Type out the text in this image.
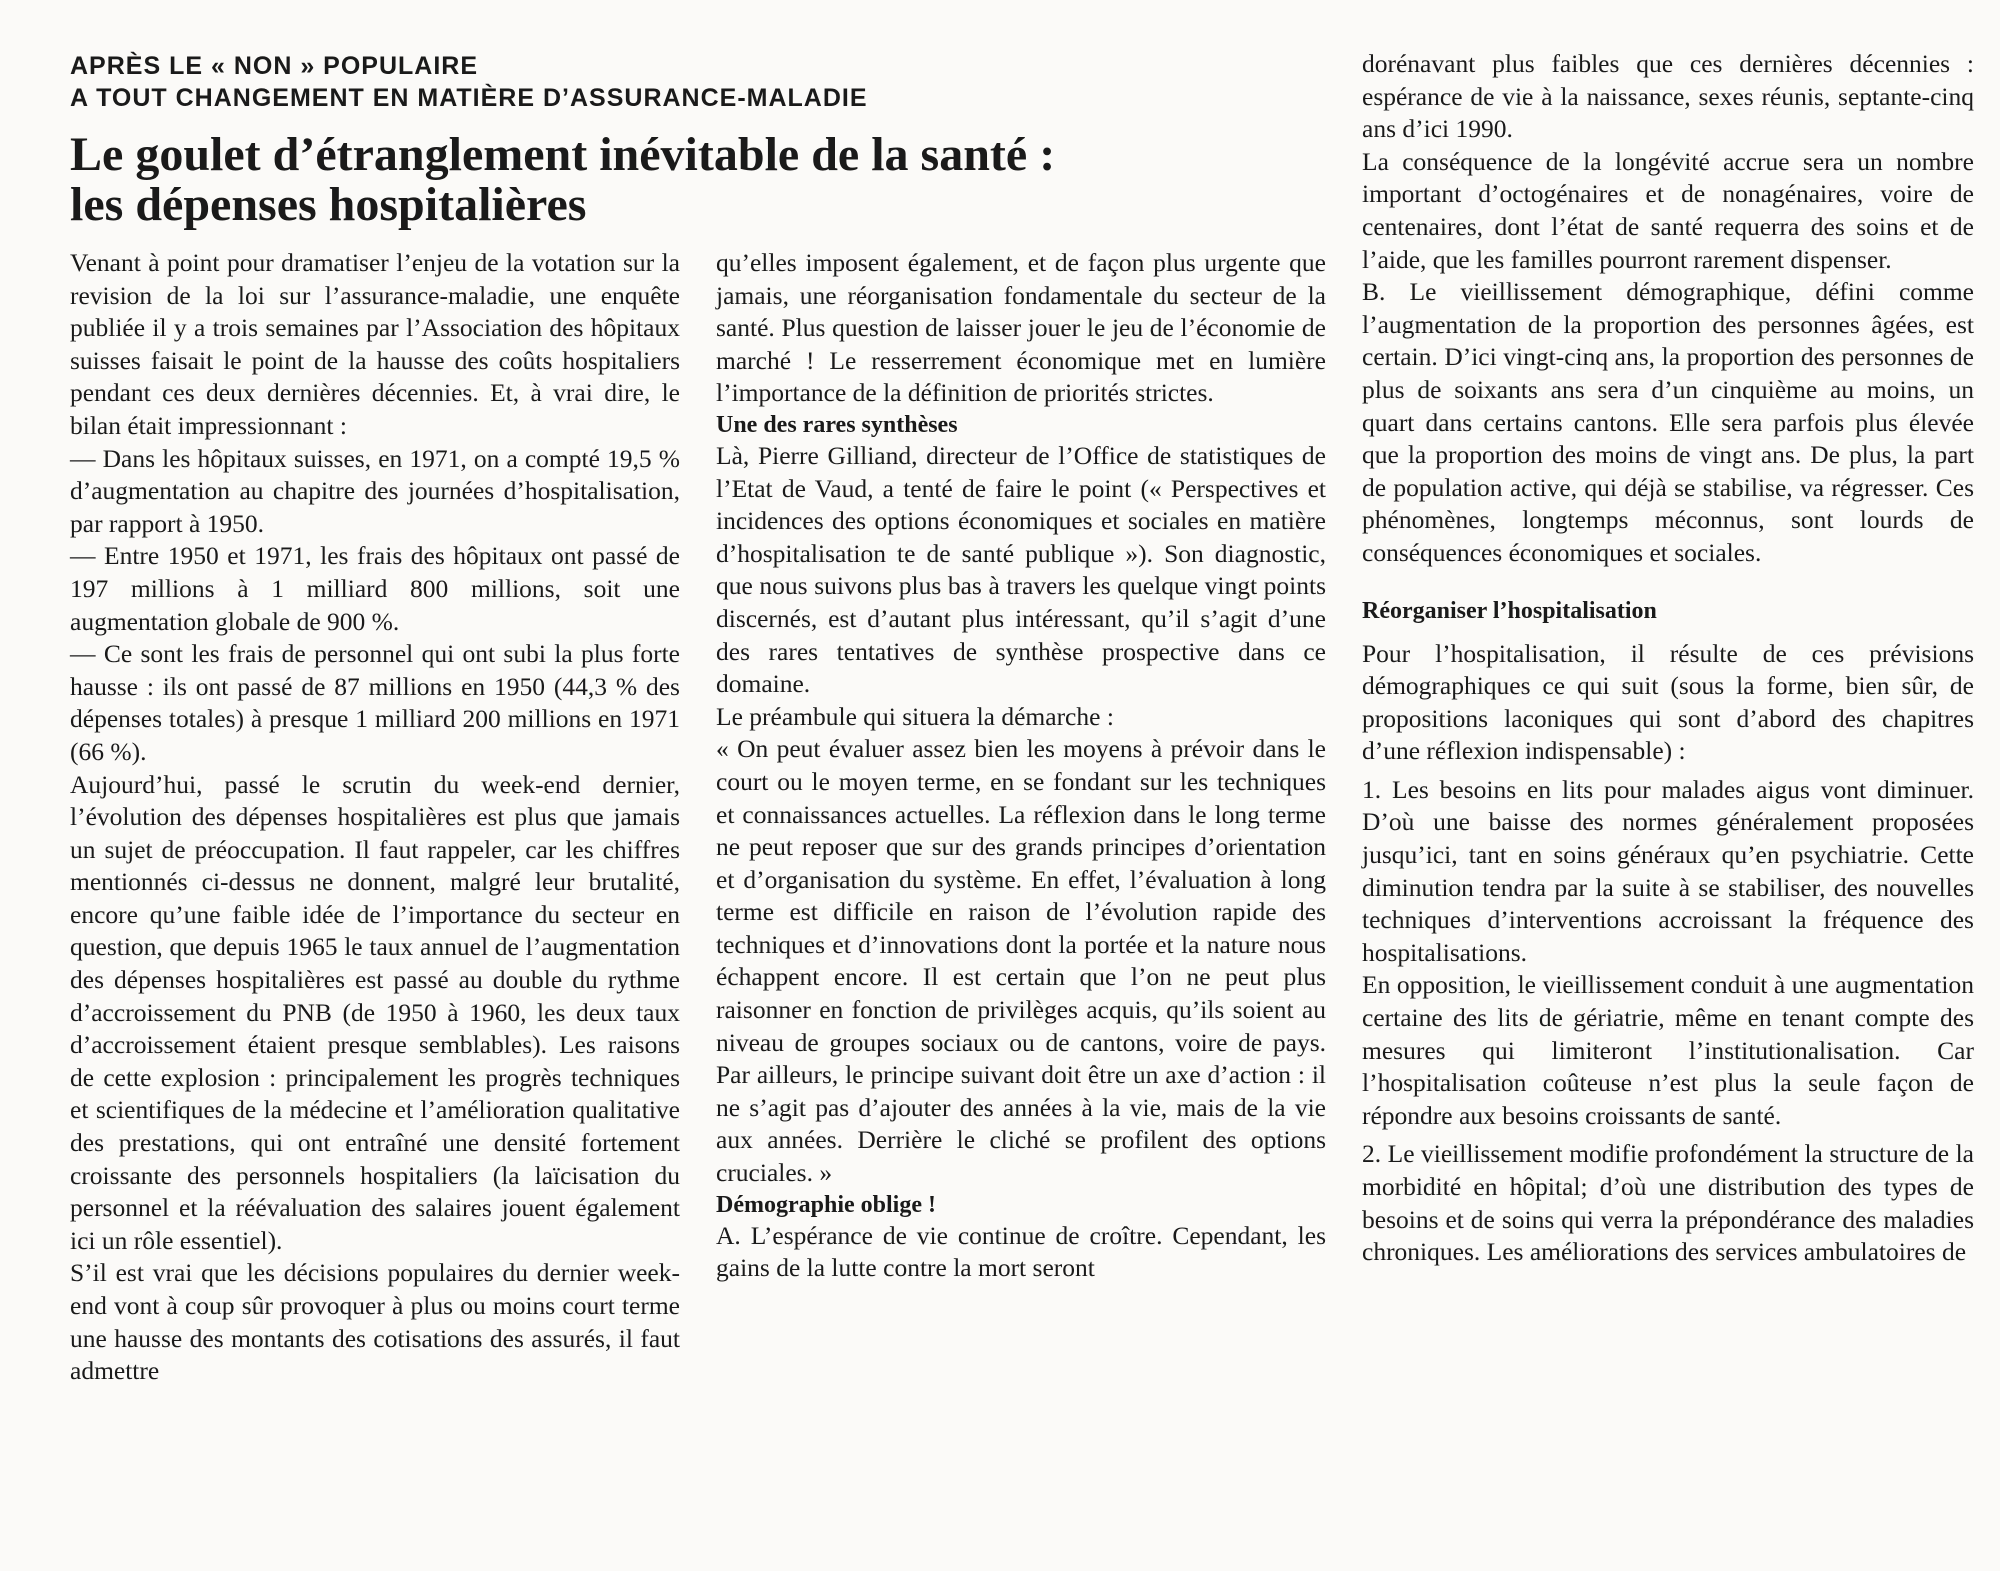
APRÈS LE « NON » POPULAIRE
A TOUT CHANGEMENT EN MATIÈRE D’ASSURANCE-MALADIE
Le goulet d’étranglement inévitable de la santé :
les dépenses hospitalières

Venant à point pour dramatiser l’enjeu de la votation sur la revision de la loi sur l’assurance-maladie, une enquête publiée il y a trois semaines par l’Association des hôpitaux suisses faisait le point de la hausse des coûts hospitaliers pendant ces deux dernières décennies. Et, à vrai dire, le bilan était impressionnant :

— Dans les hôpitaux suisses, en 1971, on a compté 19,5 % d’augmentation au chapitre des journées d’hospitalisation, par rapport à 1950.

— Entre 1950 et 1971, les frais des hôpitaux ont passé de 197 millions à 1 milliard 800 millions, soit une augmentation globale de 900 %.

— Ce sont les frais de personnel qui ont subi la plus forte hausse : ils ont passé de 87 millions en 1950 (44,3 % des dépenses totales) à presque 1 milliard 200 millions en 1971 (66 %).

Aujourd’hui, passé le scrutin du week-end dernier, l’évolution des dépenses hospitalières est plus que jamais un sujet de préoccupation. Il faut rappeler, car les chiffres mentionnés ci-dessus ne donnent, malgré leur brutalité, encore qu’une faible idée de l’importance du secteur en question, que depuis 1965 le taux annuel de l’augmentation des dépenses hospitalières est passé au double du rythme d’accroissement du PNB (de 1950 à 1960, les deux taux d’accroissement étaient presque semblables). Les raisons de cette explosion : principalement les progrès techniques et scientifiques de la médecine et l’amélioration qualitative des prestations, qui ont entraîné une densité fortement croissante des personnels hospitaliers (la laïcisation du personnel et la réévaluation des salaires jouent également ici un rôle essentiel).

S’il est vrai que les décisions populaires du dernier week-end vont à coup sûr provoquer à plus ou moins court terme une hausse des montants des cotisations des assurés, il faut admettre

qu’elles imposent également, et de façon plus urgente que jamais, une réorganisation fondamentale du secteur de la santé. Plus question de laisser jouer le jeu de l’économie de marché ! Le resserrement économique met en lumière l’importance de la définition de priorités strictes.

Une des rares synthèses

Là, Pierre Gilliand, directeur de l’Office de statistiques de l’Etat de Vaud, a tenté de faire le point (« Perspectives et incidences des options économiques et sociales en matière d’hospitalisation te de santé publique »). Son diagnostic, que nous suivons plus bas à travers les quelque vingt points discernés, est d’autant plus intéressant, qu’il s’agit d’une des rares tentatives de synthèse prospective dans ce domaine.

Le préambule qui situera la démarche :

« On peut évaluer assez bien les moyens à prévoir dans le court ou le moyen terme, en se fondant sur les techniques et connaissances actuelles. La réflexion dans le long terme ne peut reposer que sur des grands principes d’orientation et d’organisation du système. En effet, l’évaluation à long terme est difficile en raison de l’évolution rapide des techniques et d’innovations dont la portée et la nature nous échappent encore. Il est certain que l’on ne peut plus raisonner en fonction de privilèges acquis, qu’ils soient au niveau de groupes sociaux ou de cantons, voire de pays. Par ailleurs, le principe suivant doit être un axe d’action : il ne s’agit pas d’ajouter des années à la vie, mais de la vie aux années. Derrière le cliché se profilent des options cruciales. »

Démographie oblige !

A. L’espérance de vie continue de croître. Cependant, les gains de la lutte contre la mort seront

dorénavant plus faibles que ces dernières décennies : espérance de vie à la naissance, sexes réunis, septante-cinq ans d’ici 1990.

La conséquence de la longévité accrue sera un nombre important d’octogénaires et de nonagénaires, voire de centenaires, dont l’état de santé requerra des soins et de l’aide, que les familles pourront rarement dispenser.

B. Le vieillissement démographique, défini comme l’augmentation de la proportion des personnes âgées, est certain. D’ici vingt-cinq ans, la proportion des personnes de plus de soixants ans sera d’un cinquième au moins, un quart dans certains cantons. Elle sera parfois plus élevée que la proportion des moins de vingt ans. De plus, la part de population active, qui déjà se stabilise, va régresser. Ces phénomènes, longtemps méconnus, sont lourds de conséquences économiques et sociales.

Réorganiser l’hospitalisation

Pour l’hospitalisation, il résulte de ces prévisions démographiques ce qui suit (sous la forme, bien sûr, de propositions laconiques qui sont d’abord des chapitres d’une réflexion indispensable) :

1. Les besoins en lits pour malades aigus vont diminuer. D’où une baisse des normes généralement proposées jusqu’ici, tant en soins généraux qu’en psychiatrie. Cette diminution tendra par la suite à se stabiliser, des nouvelles techniques d’interventions accroissant la fréquence des hospitalisations.

En opposition, le vieillissement conduit à une augmentation certaine des lits de gériatrie, même en tenant compte des mesures qui limiteront l’institutionalisation. Car l’hospitalisation coûteuse n’est plus la seule façon de répondre aux besoins croissants de santé.

2. Le vieillissement modifie profondément la structure de la morbidité en hôpital; d’où une distribution des types de besoins et de soins qui verra la prépondérance des maladies chroniques. Les améliorations des services ambulatoires de
